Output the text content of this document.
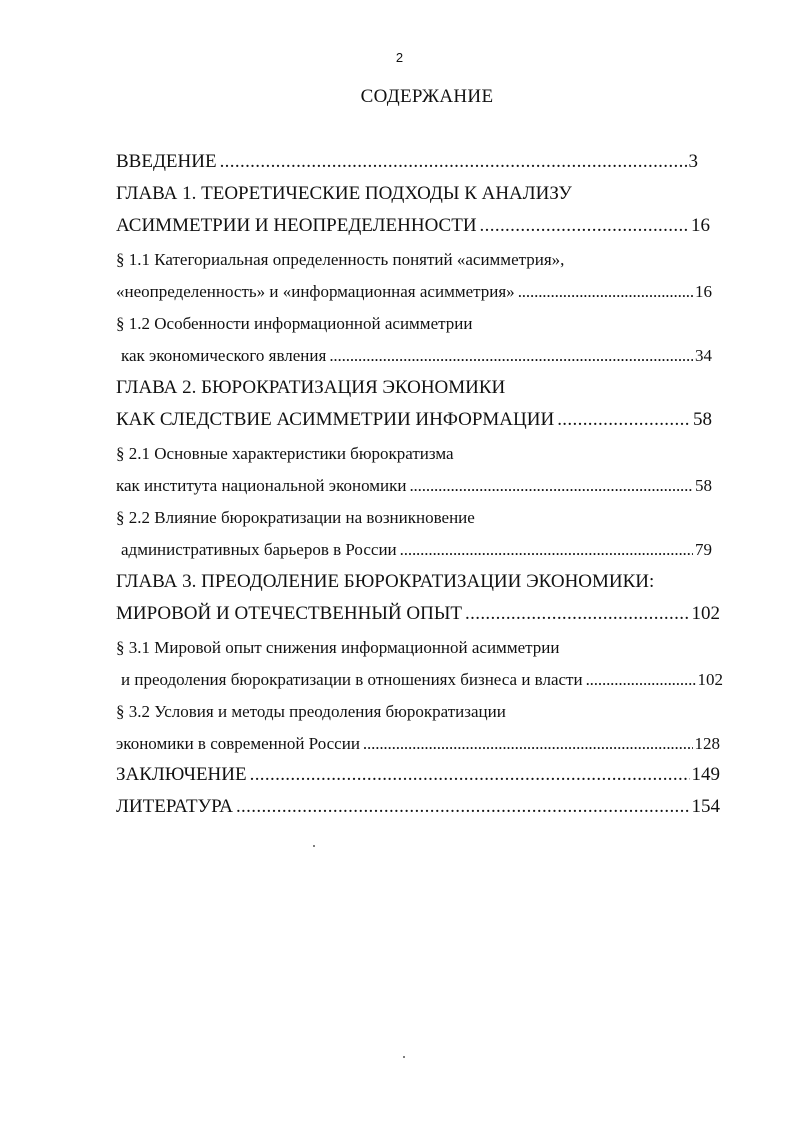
2
СОДЕРЖАНИЕ
ВВЕДЕНИЕ . . .	3
ГЛАВА 1. ТЕОРЕТИЧЕСКИЕ ПОДХОДЫ К АНАЛИЗУ
АСИММЕТРИИ И НЕОПРЕДЕЛЕННОСТИ . . .	16
§ 1.1 Категориальная определенность понятий «асимметрия»,
«неопределенность» и «информационная асимметрия» . . .	16
§ 1.2 Особенности информационной асимметрии
как экономического явления . . .	34
ГЛАВА 2. БЮРОКРАТИЗАЦИЯ ЭКОНОМИКИ
КАК СЛЕДСТВИЕ АСИММЕТРИИ ИНФОРМАЦИИ . . .	58
§ 2.1 Основные характеристики бюрократизма
как института национальной экономики . . .	58
§ 2.2 Влияние бюрократизации на возникновение
административных барьеров в России . . .	79
ГЛАВА 3. ПРЕОДОЛЕНИЕ БЮРОКРАТИЗАЦИИ ЭКОНОМИКИ:
МИРОВОЙ И ОТЕЧЕСТВЕННЫЙ ОПЫТ . . .	102
§ 3.1 Мировой опыт снижения информационной асимметрии
и преодоления бюрократизации в отношениях бизнеса и власти . . .	102
§ 3.2 Условия и методы преодоления бюрократизации
экономики в современной России . . .	128
ЗАКЛЮЧЕНИЕ . . .	149
ЛИТЕРАТУРА . . .	154
